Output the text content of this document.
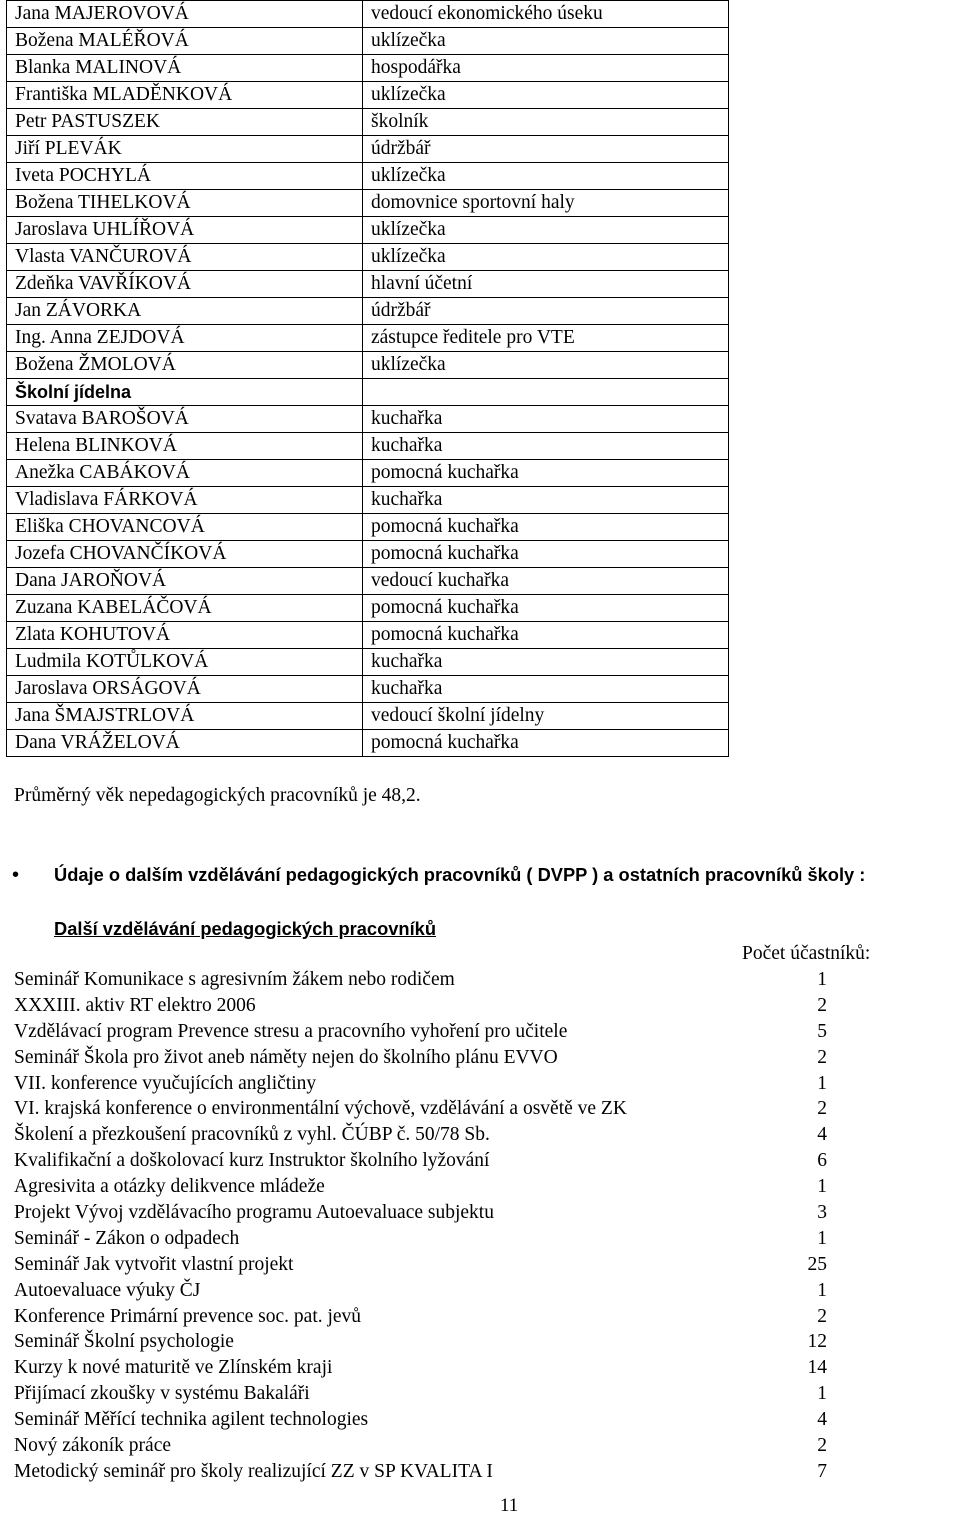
Jana MAJEROVOVÁ	vedoucí ekonomického úseku
Božena MALÉŘOVÁ	uklízečka
Blanka MALINOVÁ	hospodářka
Františka MLADĚNKOVÁ	uklízečka
Petr PASTUSZEK	školník
Jiří PLEVÁK	údržbář
Iveta POCHYLÁ	uklízečka
Božena TIHELKOVÁ	domovnice sportovní haly
Jaroslava UHLÍŘOVÁ	uklízečka
Vlasta VANČUROVÁ	uklízečka
Zdeňka VAVŘÍKOVÁ	hlavní účetní
Jan ZÁVORKA	údržbář
Ing. Anna ZEJDOVÁ	zástupce ředitele pro VTE
Božena ŽMOLOVÁ	uklízečka
Školní jídelna	
Svatava BAROŠOVÁ	kuchařka
Helena BLINKOVÁ	kuchařka
Anežka CABÁKOVÁ	pomocná kuchařka
Vladislava FÁRKOVÁ	kuchařka
Eliška CHOVANCOVÁ	pomocná kuchařka
Jozefa CHOVANČÍKOVÁ	pomocná kuchařka
Dana JAROŇOVÁ	vedoucí kuchařka
Zuzana KABELÁČOVÁ	pomocná kuchařka
Zlata KOHUTOVÁ	pomocná kuchařka
Ludmila KOTŮLKOVÁ	kuchařka
Jaroslava ORSÁGOVÁ	kuchařka
Jana ŠMAJSTRLOVÁ	vedoucí školní jídelny
Dana VRÁŽELOVÁ	pomocná kuchařka
Průměrný věk nepedagogických pracovníků je 48,2.
• Údaje o dalším vzdělávání pedagogických pracovníků ( DVPP ) a ostatních pracovníků školy :
Další vzdělávání pedagogických pracovníků
Počet účastníků:
Seminář Komunikace s agresivním žákem nebo rodičem	1
XXXIII. aktiv RT elektro 2006	2
Vzdělávací program Prevence stresu a pracovního vyhoření pro učitele	5
Seminář Škola pro život aneb náměty nejen do školního plánu EVVO	2
VII. konference vyučujících angličtiny	1
VI. krajská konference o environmentální výchově, vzdělávání a osvětě ve ZK	2
Školení a přezkoušení pracovníků z vyhl. ČÚBP č. 50/78 Sb.	4
Kvalifikační a doškolovací kurz Instruktor školního lyžování	6
Agresivita a otázky delikvence mládeže	1
Projekt Vývoj vzdělávacího programu Autoevaluace subjektu	3
Seminář - Zákon o odpadech	1
Seminář Jak vytvořit vlastní projekt	25
Autoevaluace výuky ČJ	1
Konference Primární prevence soc. pat. jevů	2
Seminář Školní psychologie	12
Kurzy k nové maturitě ve Zlínském kraji	14
Přijímací zkoušky v systému Bakaláři	1
Seminář Měřící technika agilent technologies	4
Nový zákoník práce	2
Metodický seminář pro školy realizující ZZ v SP KVALITA I	7
11
